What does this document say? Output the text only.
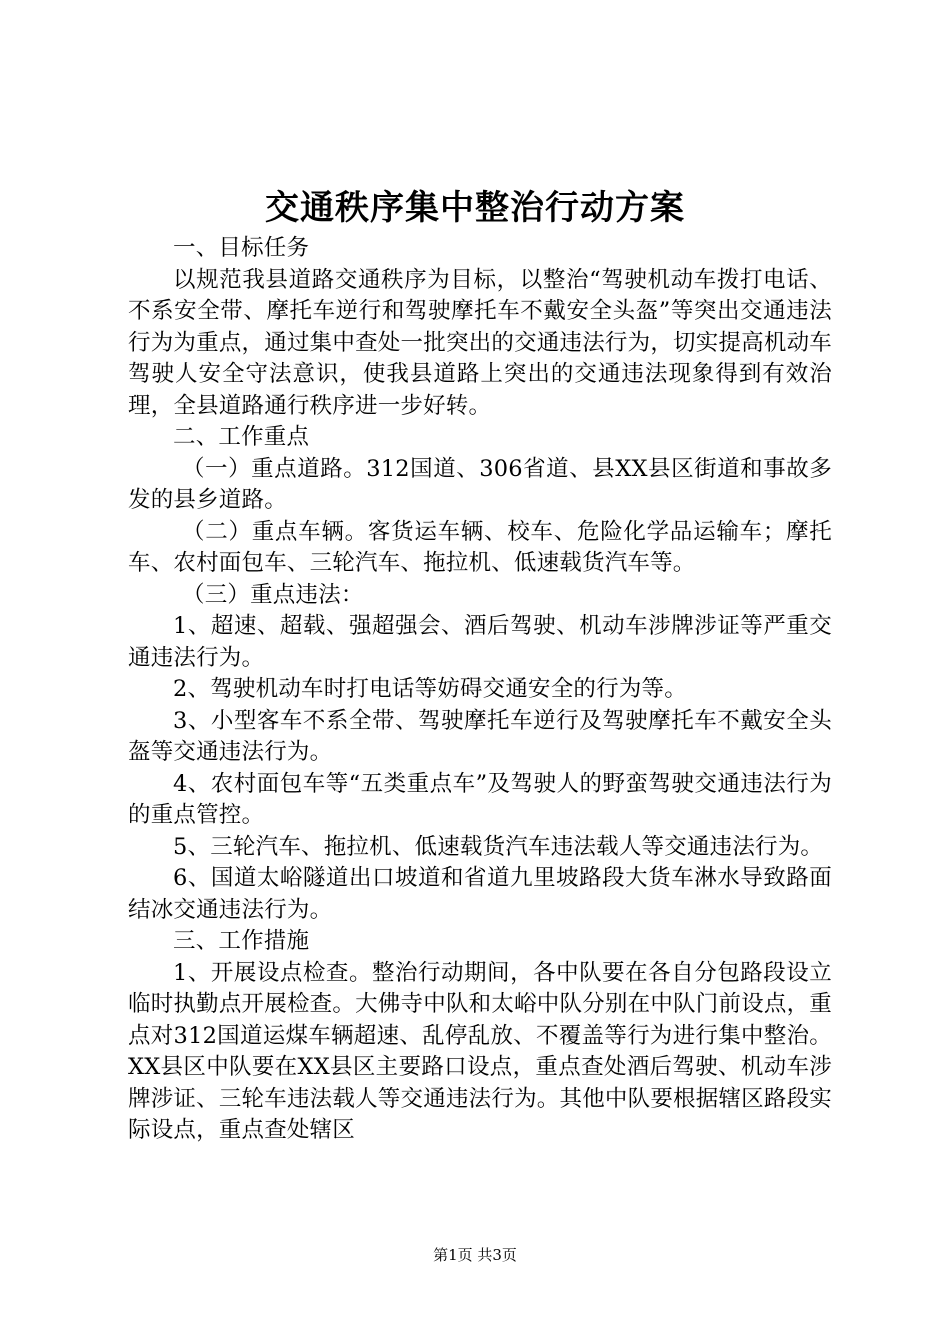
交通秩序集中整治行动方案

一、目标任务

以规范我县道路交通秩序为目标，以整治“驾驶机动车拨打电话、不系安全带、摩托车逆行和驾驶摩托车不戴安全头盔”等突出交通违法行为为重点，通过集中查处一批突出的交通违法行为，切实提高机动车驾驶人安全守法意识，使我县道路上突出的交通违法现象得到有效治理，全县道路通行秩序进一步好转。

二、工作重点

（一）重点道路。312国道、306省道、县XX县区街道和事故多发的县乡道路。

（二）重点车辆。客货运车辆、校车、危险化学品运输车；摩托车、农村面包车、三轮汽车、拖拉机、低速载货汽车等。

（三）重点违法：

1、超速、超载、强超强会、酒后驾驶、机动车涉牌涉证等严重交通违法行为。

2、驾驶机动车时打电话等妨碍交通安全的行为等。

3、小型客车不系全带、驾驶摩托车逆行及驾驶摩托车不戴安全头盔等交通违法行为。

4、农村面包车等“五类重点车”及驾驶人的野蛮驾驶交通违法行为的重点管控。

5、三轮汽车、拖拉机、低速载货汽车违法载人等交通违法行为。

6、国道太峪隧道出口坡道和省道九里坡路段大货车淋水导致路面结冰交通违法行为。

三、工作措施

1、开展设点检查。整治行动期间，各中队要在各自分包路段设立临时执勤点开展检查。大佛寺中队和太峪中队分别在中队门前设点，重点对312国道运煤车辆超速、乱停乱放、不覆盖等行为进行集中整治。XX县区中队要在XX县区主要路口设点，重点查处酒后驾驶、机动车涉牌涉证、三轮车违法载人等交通违法行为。其他中队要根据辖区路段实际设点，重点查处辖区

第1页 共3页
